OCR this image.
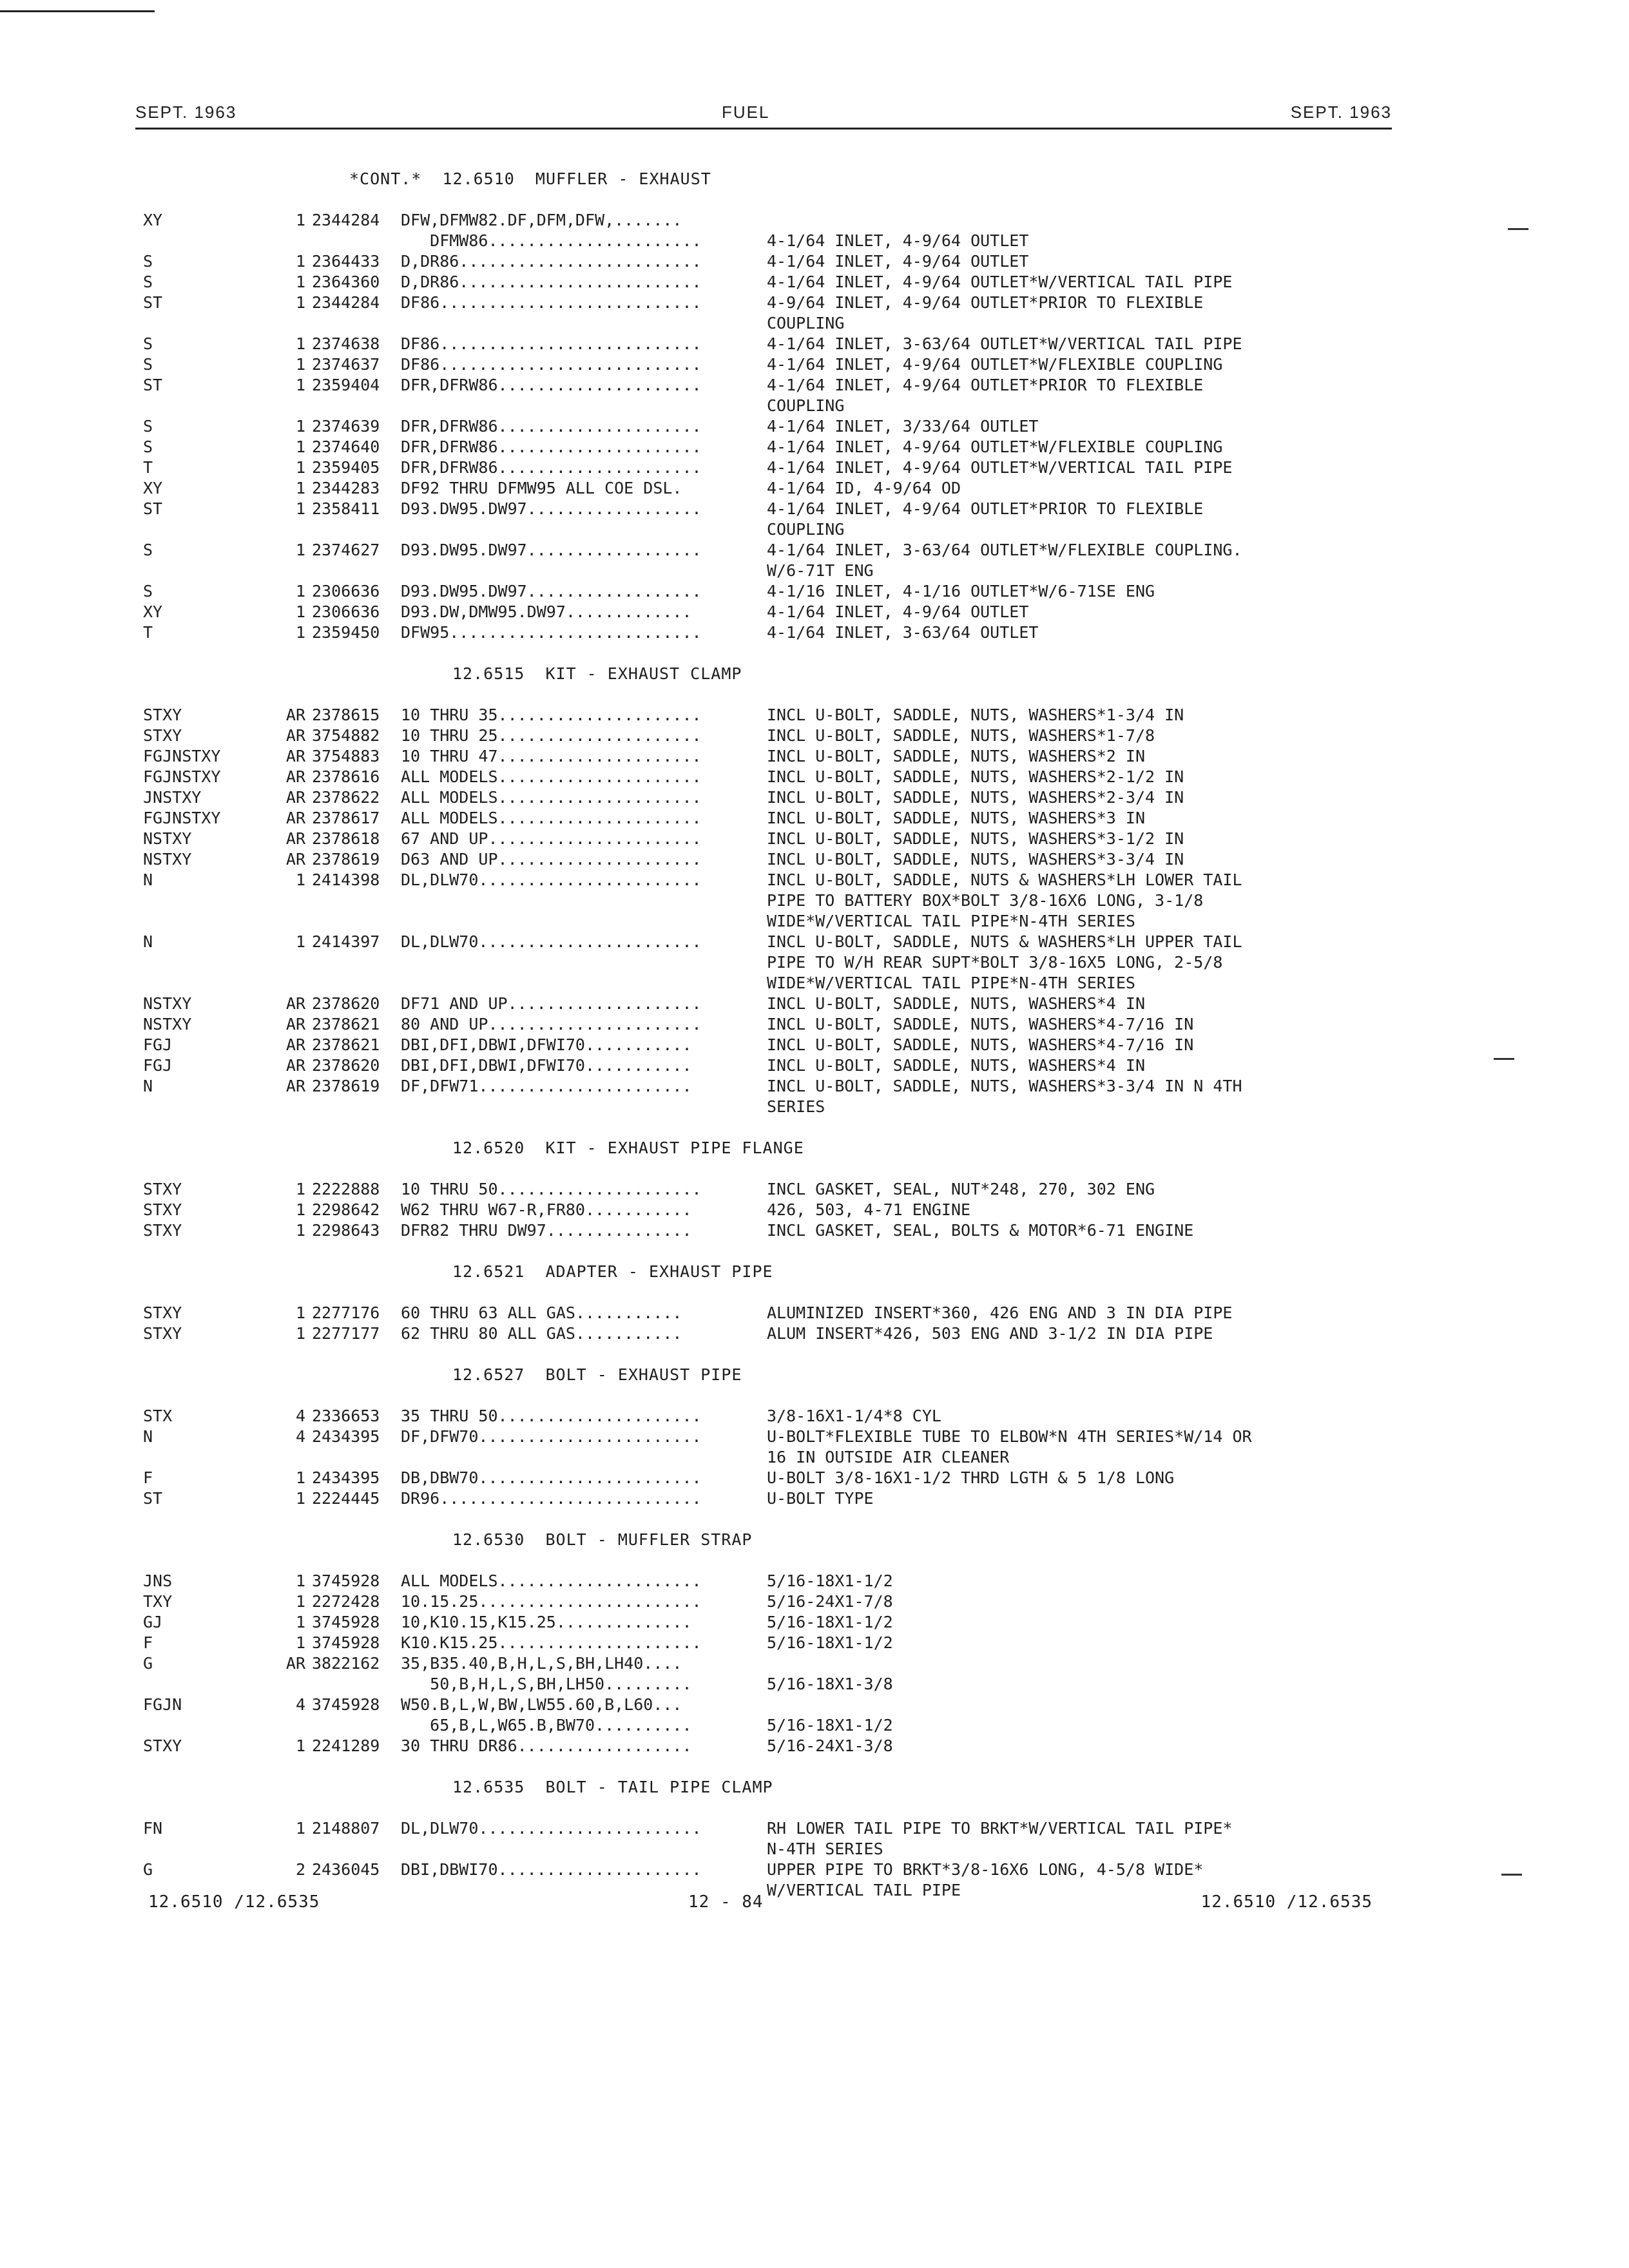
SEPT. 1963	FUEL	SEPT. 1963
*CONT.*  12.6510  MUFFLER - EXHAUST
XY	1 2344284 DFW,DFMW82.DF,DFM,DFW,.......
DFMW86......................	4-1/64 INLET, 4-9/64 OUTLET
S	1 2364433 D,DR86.........................	4-1/64 INLET, 4-9/64 OUTLET
S	1 2364360 D,DR86.........................	4-1/64 INLET, 4-9/64 OUTLET*W/VERTICAL TAIL PIPE
ST	1 2344284 DF86...........................	4-9/64 INLET, 4-9/64 OUTLET*PRIOR TO FLEXIBLE
COUPLING
S	1 2374638 DF86...........................	4-1/64 INLET, 3-63/64 OUTLET*W/VERTICAL TAIL PIPE
S	1 2374637 DF86...........................	4-1/64 INLET, 4-9/64 OUTLET*W/FLEXIBLE COUPLING
ST	1 2359404 DFR,DFRW86.....................	4-1/64 INLET, 4-9/64 OUTLET*PRIOR TO FLEXIBLE
COUPLING
S	1 2374639 DFR,DFRW86.....................	4-1/64 INLET, 3/33/64 OUTLET
S	1 2374640 DFR,DFRW86.....................	4-1/64 INLET, 4-9/64 OUTLET*W/FLEXIBLE COUPLING
T	1 2359405 DFR,DFRW86.....................	4-1/64 INLET, 4-9/64 OUTLET*W/VERTICAL TAIL PIPE
XY	1 2344283 DF92 THRU DFMW95 ALL COE DSL.	4-1/64 ID, 4-9/64 OD
ST	1 2358411 D93.DW95.DW97..................	4-1/64 INLET, 4-9/64 OUTLET*PRIOR TO FLEXIBLE
COUPLING
S	1 2374627 D93.DW95.DW97..................	4-1/64 INLET, 3-63/64 OUTLET*W/FLEXIBLE COUPLING.
W/6-71T ENG
S	1 2306636 D93.DW95.DW97..................	4-1/16 INLET, 4-1/16 OUTLET*W/6-71SE ENG
XY	1 2306636 D93.DW,DMW95.DW97.............	4-1/64 INLET, 4-9/64 OUTLET
T	1 2359450 DFW95..........................	4-1/64 INLET, 3-63/64 OUTLET
12.6515  KIT - EXHAUST CLAMP
STXY	AR 2378615 10 THRU 35.....................	INCL U-BOLT, SADDLE, NUTS, WASHERS*1-3/4 IN
STXY	AR 3754882 10 THRU 25.....................	INCL U-BOLT, SADDLE, NUTS, WASHERS*1-7/8
FGJNSTXY	AR 3754883 10 THRU 47.....................	INCL U-BOLT, SADDLE, NUTS, WASHERS*2 IN
FGJNSTXY	AR 2378616 ALL MODELS.....................	INCL U-BOLT, SADDLE, NUTS, WASHERS*2-1/2 IN
JNSTXY	AR 2378622 ALL MODELS.....................	INCL U-BOLT, SADDLE, NUTS, WASHERS*2-3/4 IN
FGJNSTXY	AR 2378617 ALL MODELS.....................	INCL U-BOLT, SADDLE, NUTS, WASHERS*3 IN
NSTXY	AR 2378618 67 AND UP......................	INCL U-BOLT, SADDLE, NUTS, WASHERS*3-1/2 IN
NSTXY	AR 2378619 D63 AND UP.....................	INCL U-BOLT, SADDLE, NUTS, WASHERS*3-3/4 IN
N	1 2414398 DL,DLW70.......................	INCL U-BOLT, SADDLE, NUTS & WASHERS*LH LOWER TAIL
PIPE TO BATTERY BOX*BOLT 3/8-16X6 LONG, 3-1/8
WIDE*W/VERTICAL TAIL PIPE*N-4TH SERIES
N	1 2414397 DL,DLW70.......................	INCL U-BOLT, SADDLE, NUTS & WASHERS*LH UPPER TAIL
PIPE TO W/H REAR SUPT*BOLT 3/8-16X5 LONG, 2-5/8
WIDE*W/VERTICAL TAIL PIPE*N-4TH SERIES
NSTXY	AR 2378620 DF71 AND UP....................	INCL U-BOLT, SADDLE, NUTS, WASHERS*4 IN
NSTXY	AR 2378621 80 AND UP......................	INCL U-BOLT, SADDLE, NUTS, WASHERS*4-7/16 IN
FGJ	AR 2378621 DBI,DFI,DBWI,DFWI70...........	INCL U-BOLT, SADDLE, NUTS, WASHERS*4-7/16 IN
FGJ	AR 2378620 DBI,DFI,DBWI,DFWI70...........	INCL U-BOLT, SADDLE, NUTS, WASHERS*4 IN
N	AR 2378619 DF,DFW71......................	INCL U-BOLT, SADDLE, NUTS, WASHERS*3-3/4 IN N 4TH
SERIES
12.6520  KIT - EXHAUST PIPE FLANGE
STXY	1 2222888 10 THRU 50.....................	INCL GASKET, SEAL, NUT*248, 270, 302 ENG
STXY	1 2298642 W62 THRU W67-R,FR80...........	426, 503, 4-71 ENGINE
STXY	1 2298643 DFR82 THRU DW97...............	INCL GASKET, SEAL, BOLTS & MOTOR*6-71 ENGINE
12.6521  ADAPTER - EXHAUST PIPE
STXY	1 2277176 60 THRU 63 ALL GAS...........	ALUMINIZED INSERT*360, 426 ENG AND 3 IN DIA PIPE
STXY	1 2277177 62 THRU 80 ALL GAS...........	ALUM INSERT*426, 503 ENG AND 3-1/2 IN DIA PIPE
12.6527  BOLT - EXHAUST PIPE
STX	4 2336653 35 THRU 50.....................	3/8-16X1-1/4*8 CYL
N	4 2434395 DF,DFW70.......................	U-BOLT*FLEXIBLE TUBE TO ELBOW*N 4TH SERIES*W/14 OR
16 IN OUTSIDE AIR CLEANER
F	1 2434395 DB,DBW70.......................	U-BOLT 3/8-16X1-1/2 THRD LGTH & 5 1/8 LONG
ST	1 2224445 DR96...........................	U-BOLT TYPE
12.6530  BOLT - MUFFLER STRAP
JNS	1 3745928 ALL MODELS.....................	5/16-18X1-1/2
TXY	1 2272428 10.15.25.......................	5/16-24X1-7/8
GJ	1 3745928 10,K10.15,K15.25..............	5/16-18X1-1/2
F	1 3745928 K10.K15.25.....................	5/16-18X1-1/2
G	AR 3822162 35,B35.40,B,H,L,S,BH,LH40....
50,B,H,L,S,BH,LH50.........	5/16-18X1-3/8
FGJN	4 3745928 W50.B,L,W,BW,LW55.60,B,L60...
65,B,L,W65.B,BW70..........	5/16-18X1-1/2
STXY	1 2241289 30 THRU DR86..................	5/16-24X1-3/8
12.6535  BOLT - TAIL PIPE CLAMP
FN	1 2148807 DL,DLW70.......................	RH LOWER TAIL PIPE TO BRKT*W/VERTICAL TAIL PIPE*
N-4TH SERIES
G	2 2436045 DBI,DBWI70.....................	UPPER PIPE TO BRKT*3/8-16X6 LONG, 4-5/8 WIDE*
W/VERTICAL TAIL PIPE
12.6510 /12.6535	12 - 84	12.6510 /12.6535
